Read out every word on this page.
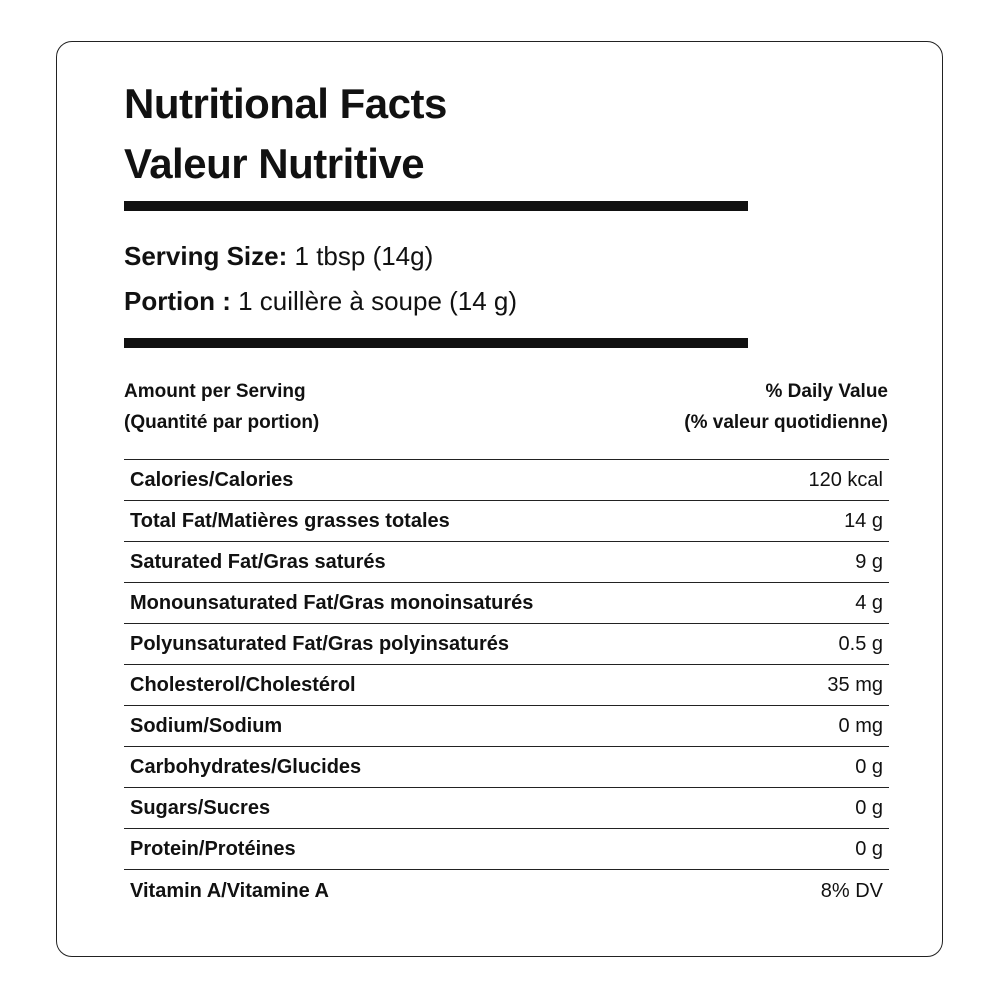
Nutritional Facts
Valeur Nutritive
Serving Size: 1 tbsp (14g)
Portion : 1 cuillère à soupe (14 g)
Amount per Serving
(Quantité par portion)
% Daily Value
(% valeur quotidienne)
Calories/Calories	120 kcal
Total Fat/Matières grasses totales	14 g
Saturated Fat/Gras saturés	9 g
Monounsaturated Fat/Gras monoinsaturés	4 g
Polyunsaturated Fat/Gras polyinsaturés	0.5 g
Cholesterol/Cholestérol	35 mg
Sodium/Sodium	0 mg
Carbohydrates/Glucides	0 g
Sugars/Sucres	0 g
Protein/Protéines	0 g
Vitamin A/Vitamine A	8% DV
